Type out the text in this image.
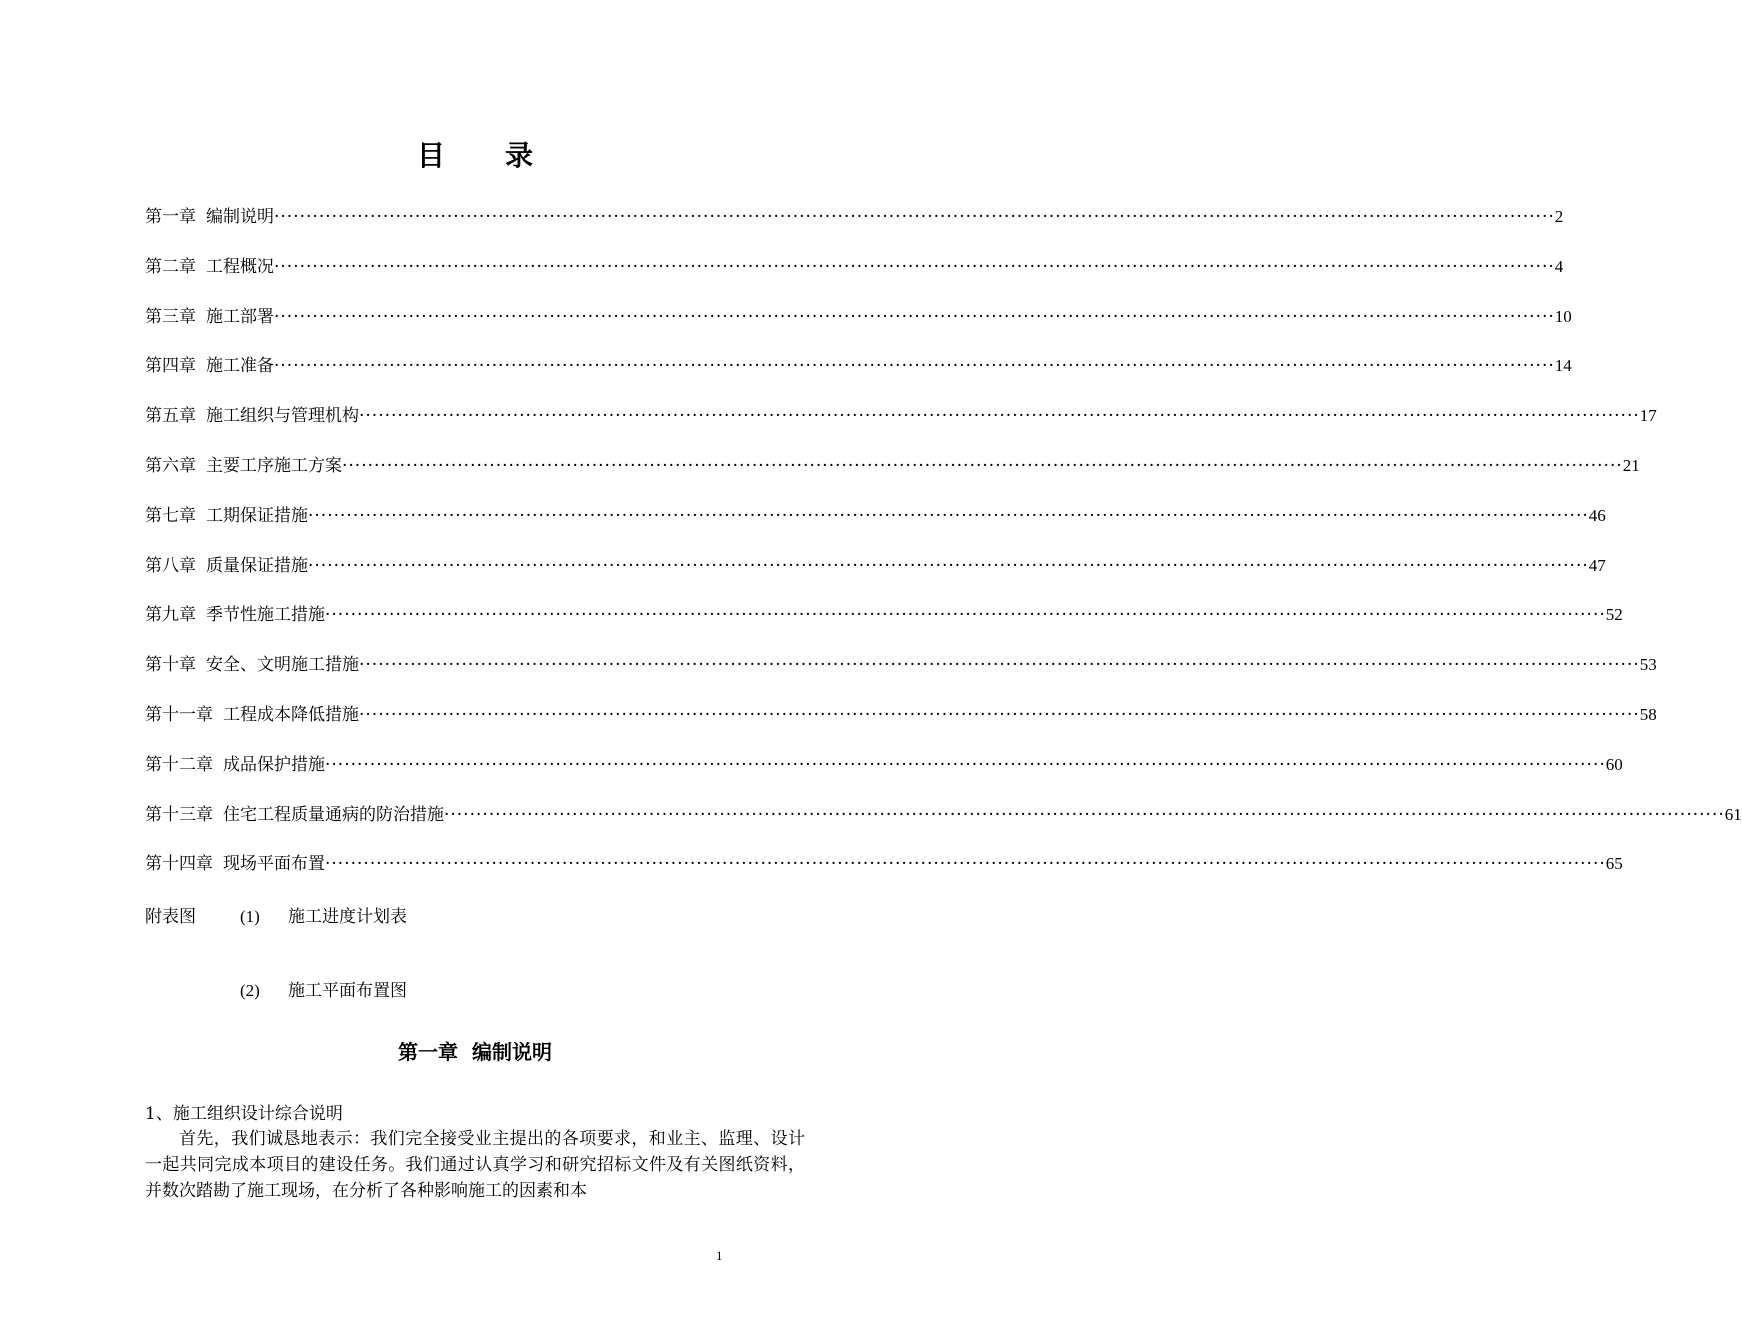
目 录
第一章 编制说明 ········································································································································································································ 2
第二章 工程概况 ········································································································································································································ 4
第三章 施工部署 ········································································································································································································ 10
第四章 施工准备 ········································································································································································································ 14
第五章 施工组织与管理机构 ········································································································································································································ 17
第六章 主要工序施工方案 ········································································································································································································ 21
第七章 工期保证措施 ········································································································································································································ 46
第八章 质量保证措施 ········································································································································································································ 47
第九章 季节性施工措施 ········································································································································································································ 52
第十章 安全、文明施工措施 ········································································································································································································ 53
第十一章 工程成本降低措施 ········································································································································································································ 58
第十二章 成品保护措施 ········································································································································································································ 60
第十三章 住宅工程质量通病的防治措施 ········································································································································································································ 61
第十四章 现场平面布置 ········································································································································································································ 65
附表图	(1) 施工进度计划表
(2) 施工平面布置图
第一章  编制说明
1、施工组织设计综合说明
首先，我们诚恳地表示：我们完全接受业主提出的各项要求，和业主、监理、设计一起共同完成本项目的建设任务。我们通过认真学习和研究招标文件及有关图纸资料，并数次踏勘了施工现场，在分析了各种影响施工的因素和本
1
